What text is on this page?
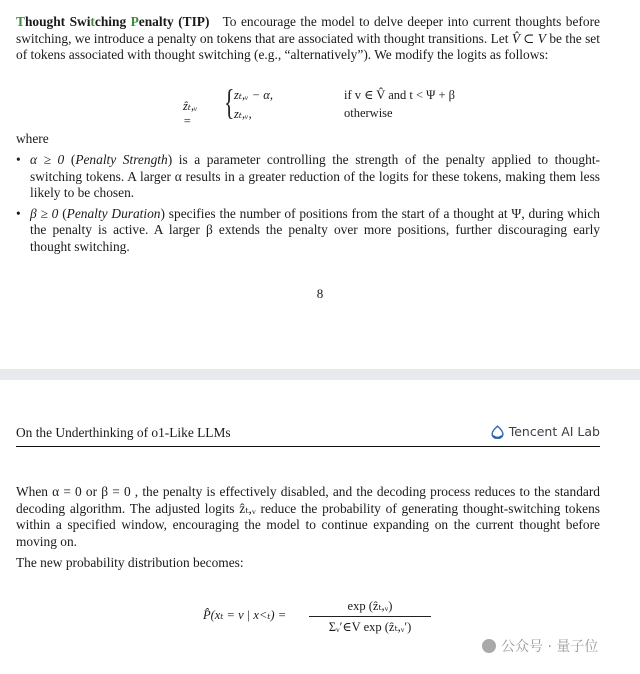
Thought Switching Penalty (TIP) To encourage the model to delve deeper into current thoughts before switching, we introduce a penalty on tokens that are associated with thought transitions. Let V̂ ⊂ V be the set of tokens associated with thought switching (e.g., “alternatively”). We modify the logits as follows:

ẑₜ,ᵥ = { zₜ,ᵥ − α,	if v ∈ V̂ and t < Ψ + β
zₜ,ᵥ,	otherwise
where
• α ≥ 0 (Penalty Strength) is a parameter controlling the strength of the penalty applied to thought-switching tokens. A larger α results in a greater reduction of the logits for these tokens, making them less likely to be chosen.
• β ≥ 0 (Penalty Duration) specifies the number of positions from the start of a thought at Ψ, during which the penalty is active. A larger β extends the penalty over more positions, further discouraging early thought switching.
8
On the Underthinking of o1-Like LLMs	Tencent AI Lab

When α = 0 or β = 0 , the penalty is effectively disabled, and the decoding process reduces to the standard decoding algorithm. The adjusted logits ẑₜ,ᵥ reduce the probability of generating thought-switching tokens within a specified window, encouraging the model to continue expanding on the current thought before moving on.

The new probability distribution becomes:

P̂(xₜ = v | x<ₜ) =
exp (ẑₜ,ᵥ)
Σᵥ′∈V exp (ẑₜ,ᵥ′)
公众号 · 量子位
